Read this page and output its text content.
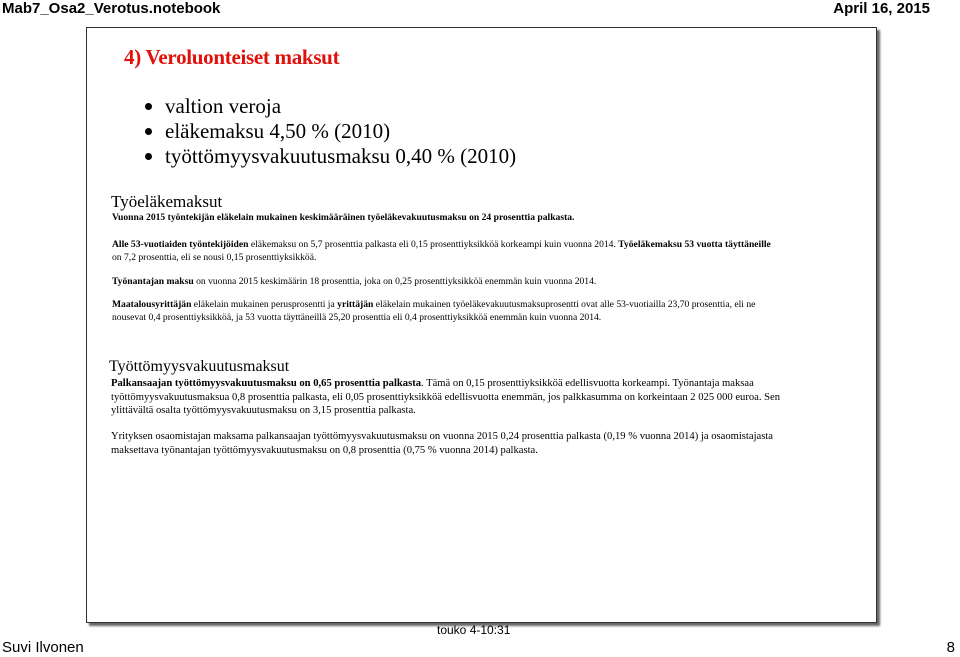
Mab7_Osa2_Verotus.notebook	April 16, 2015
4) Veroluonteiset maksut
valtion veroja
eläkemaksu 4,50 % (2010)
työttömyysvakuutusmaksu 0,40 % (2010)
Työeläkemaksut
Vuonna 2015 työntekijän eläkelain mukainen keskimääräinen työeläkevakuutusmaksu on 24 prosenttia palkasta.
Alle 53-vuotiaiden työntekijöiden eläkemaksu on 5,7 prosenttia palkasta eli 0,15 prosenttiyksikköä korkeampi kuin vuonna 2014. Työeläkemaksu 53 vuotta täyttäneille on 7,2 prosenttia, eli se nousi 0,15 prosenttiyksikköä.
Työnantajan maksu on vuonna 2015 keskimäärin 18 prosenttia, joka on 0,25 prosenttiyksikköä enemmän kuin vuonna 2014.
Maatalousyrittäjän eläkelain mukainen perusprosentti ja yrittäjän eläkelain mukainen työeläkevakuutusmaksuprosentti ovat alle 53-vuotiailla 23,70 prosenttia, eli ne nousevat 0,4 prosenttiyksikköä, ja 53 vuotta täyttäneillä 25,20 prosenttia eli 0,4 prosenttiyksikköä enemmän kuin vuonna 2014.
Työttömyysvakuutusmaksut
Palkansaajan työttömyysvakuutusmaksu on 0,65 prosenttia palkasta. Tämä on 0,15 prosenttiyksikköä edellisvuotta korkeampi. Työnantaja maksaa työttömyysvakuutusmaksua 0,8 prosenttia palkasta, eli 0,05 prosenttiyksikköä edellisvuotta enemmän, jos palkkasumma on korkeintaan 2 025 000 euroa. Sen ylittävältä osalta työttömyysvakuutusmaksu on 3,15 prosenttia palkasta.
Yrityksen osaomistajan maksama palkansaajan työttömyysvakuutusmaksu on vuonna 2015 0,24 prosenttia palkasta (0,19 % vuonna 2014) ja osaomistajasta maksettava työnantajan työttömyysvakuutusmaksu on 0,8 prosenttia (0,75 % vuonna 2014) palkasta.
touko 4-10:31
Suvi Ilvonen	8
